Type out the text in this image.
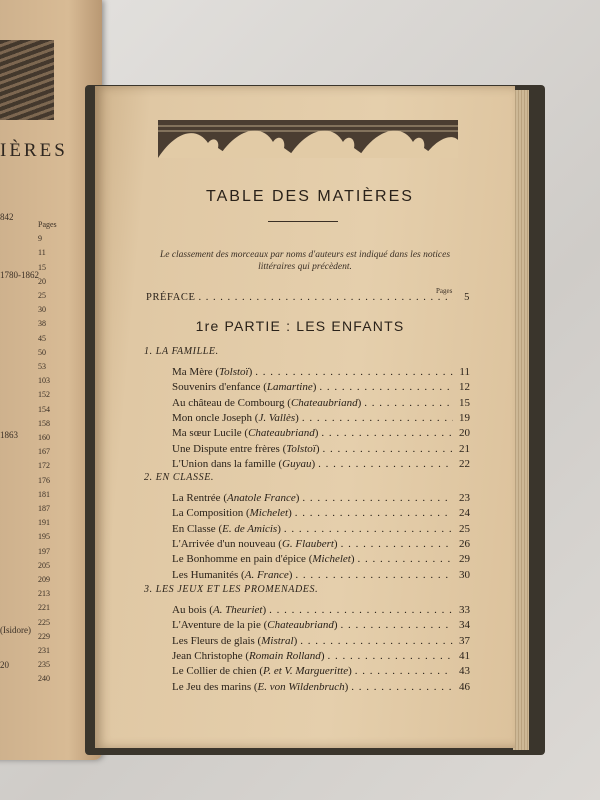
IÈRES
842
1780-1862
1863
(Isidore)
20
Pages
9
11
15
20
25
30
38
45
50
53
103
152
154
158
160
167
172
176
181
187
191
195
197
205
209
213
221
225
229
231
235
240
TABLE DES MATIÈRES
Le classement des morceaux par noms d'auteurs est indiqué dans les notices littéraires qui précèdent.
Pages
PRÉFACE . . .	5
1re PARTIE : LES ENFANTS
1. LA FAMILLE.
Ma Mère ( Tolstoï ) . . .	11
Souvenirs d'enfance ( Lamartine ) . . .	12
Au château de Combourg ( Chateaubriand ) . . .	15
Mon oncle Joseph ( J. Vallès ) . . .	19
Ma sœur Lucile ( Chateaubriand ) . . .	20
Une Dispute entre frères ( Tolstoï ) . . .	21
L'Union dans la famille ( Guyau ) . . .	22
2. EN CLASSE.
La Rentrée ( Anatole France ) . . .	23
La Composition ( Michelet ) . . .	24
En Classe ( E. de Amicis ) . . .	25
L'Arrivée d'un nouveau ( G. Flaubert ) . . .	26
Le Bonhomme en pain d'épice ( Michelet ) . . .	29
Les Humanités ( A. France ) . . .	30
3. LES JEUX ET LES PROMENADES.
Au bois ( A. Theuriet ) . . .	33
L'Aventure de la pie ( Chateaubriand ) . . .	34
Les Fleurs de glais ( Mistral ) . . .	37
Jean Christophe ( Romain Rolland ) . . .	41
Le Collier de chien ( P. et V. Margueritte ) . . .	43
Le Jeu des marins ( E. von Wildenbruch ) . . .	46
